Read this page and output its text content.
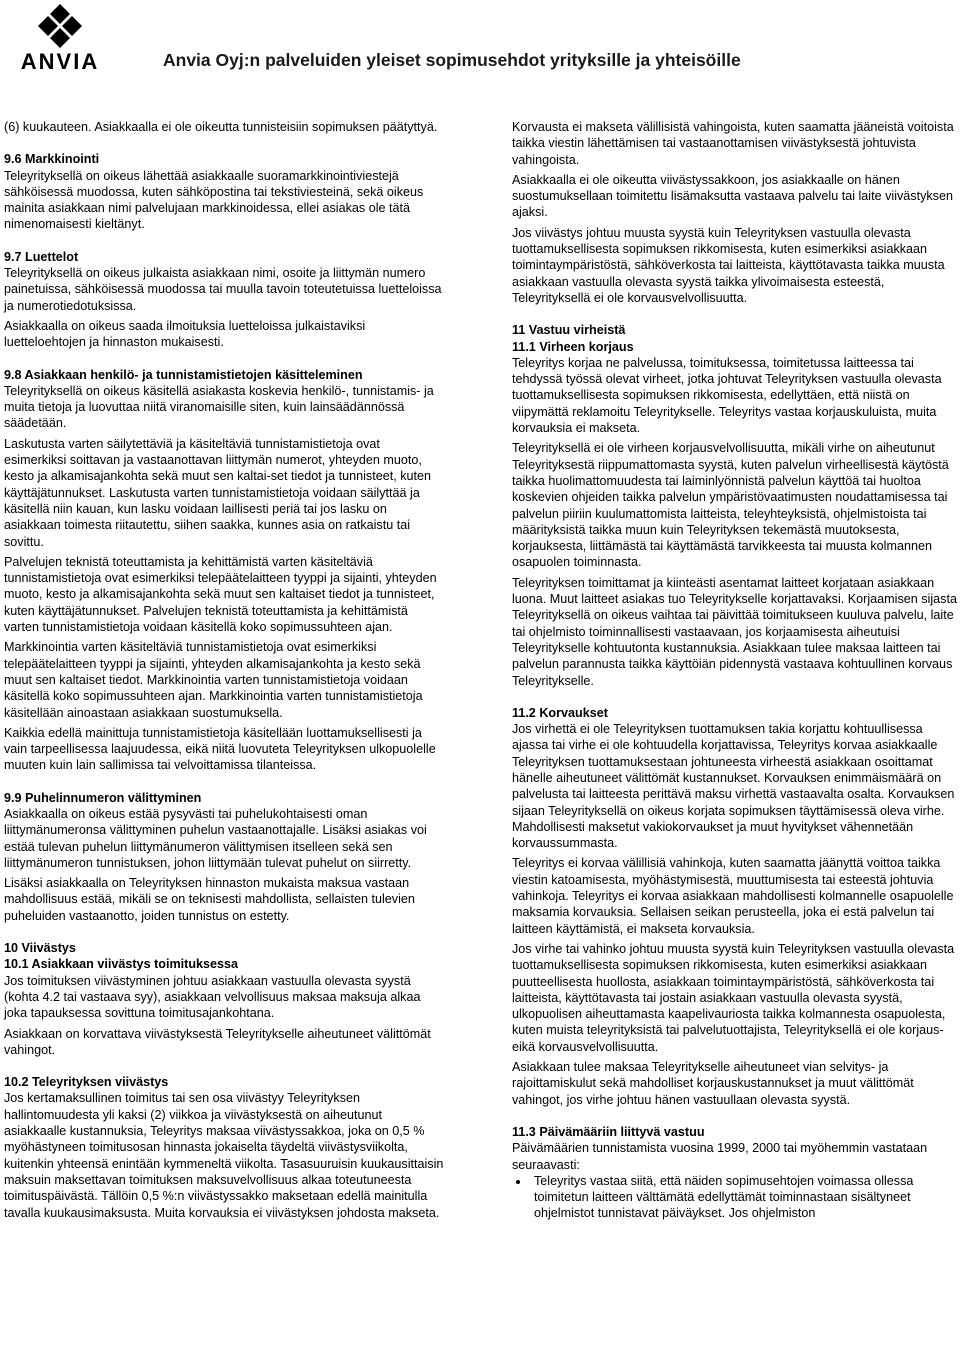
ANVIA	Anvia Oyj:n palveluiden yleiset sopimusehdot yrityksille ja yhteisöille

(6) kuukauteen. Asiakkaalla ei ole oikeutta tunnisteisiin sopimuksen päätyttyä.

9.6 Markkinointi

Teleyrityksellä on oikeus lähettää asiakkaalle suoramarkkinointiviestejä sähköisessä muodossa, kuten sähköpostina tai tekstiviesteinä, sekä oikeus mainita asiakkaan nimi palvelujaan markkinoidessa, ellei asiakas ole tätä nimenomaisesti kieltänyt.

9.7 Luettelot

Teleyrityksellä on oikeus julkaista asiakkaan nimi, osoite ja liittymän numero painetuissa, sähköisessä muodossa tai muulla tavoin toteutetuissa luetteloissa ja numerotiedotuksissa.

Asiakkaalla on oikeus saada ilmoituksia luetteloissa julkaistaviksi luetteloehtojen ja hinnaston mukaisesti.

9.8 Asiakkaan henkilö- ja tunnistamistietojen käsitteleminen

Teleyrityksellä on oikeus käsitellä asiakasta koskevia henkilö-, tunnistamis- ja muita tietoja ja luovuttaa niitä viranomaisille siten, kuin lainsäädännössä säädetään.

Laskutusta varten säilytettäviä ja käsiteltäviä tunnistamistietoja ovat esimerkiksi soittavan ja vastaanottavan liittymän numerot, yhteyden muoto, kesto ja alkamisajankohta sekä muut sen kaltai-set tiedot ja tunnisteet, kuten käyttäjätunnukset. Laskutusta varten tunnistamistietoja voidaan säilyttää ja käsitellä niin kauan, kun lasku voidaan laillisesti periä tai jos lasku on asiakkaan toimesta riitautettu, siihen saakka, kunnes asia on ratkaistu tai sovittu.

Palvelujen teknistä toteuttamista ja kehittämistä varten käsiteltäviä tunnistamistietoja ovat esimerkiksi telepäätelaitteen tyyppi ja sijainti, yhteyden muoto, kesto ja alkamisajankohta sekä muut sen kaltaiset tiedot ja tunnisteet, kuten käyttäjätunnukset. Palvelujen teknistä toteuttamista ja kehittämistä varten tunnistamistietoja voidaan käsitellä koko sopimussuhteen ajan.

Markkinointia varten käsiteltäviä tunnistamistietoja ovat esimerkiksi telepäätelaitteen tyyppi ja sijainti, yhteyden alkamisajankohta ja kesto sekä muut sen kaltaiset tiedot. Markkinointia varten tunnistamistietoja voidaan käsitellä koko sopimussuhteen ajan. Markkinointia varten tunnistamistietoja käsitellään ainoastaan asiakkaan suostumuksella.

Kaikkia edellä mainittuja tunnistamistietoja käsitellään luottamuksellisesti ja vain tarpeellisessa laajuudessa, eikä niitä luovuteta Teleyrityksen ulkopuolelle muuten kuin lain sallimissa tai velvoittamissa tilanteissa.

9.9 Puhelinnumeron välittyminen

Asiakkaalla on oikeus estää pysyvästi tai puhelukohtaisesti oman liittymänumeronsa välittyminen puhelun vastaanottajalle. Lisäksi asiakas voi estää tulevan puhelun liittymänumeron välittymisen itselleen sekä sen liittymänumeron tunnistuksen, johon liittymään tulevat puhelut on siirretty.

Lisäksi asiakkaalla on Teleyrityksen hinnaston mukaista maksua vastaan mahdollisuus estää, mikäli se on teknisesti mahdollista, sellaisten tulevien puheluiden vastaanotto, joiden tunnistus on estetty.

10 Viivästys

10.1 Asiakkaan viivästys toimituksessa

Jos toimituksen viivästyminen johtuu asiakkaan vastuulla olevasta syystä (kohta 4.2 tai vastaava syy), asiakkaan velvollisuus maksaa maksuja alkaa joka tapauksessa sovittuna toimitusajankohtana.

Asiakkaan on korvattava viivästyksestä Teleyritykselle aiheutuneet välittömät vahingot.

10.2 Teleyrityksen viivästys

Jos kertamaksullinen toimitus tai sen osa viivästyy Teleyrityksen hallintomuudesta yli kaksi (2) viikkoa ja viivästyksestä on aiheutunut asiakkaalle kustannuksia, Teleyritys maksaa viivästyssakkoa, joka on 0,5 % myöhästyneen toimitusosan hinnasta jokaiselta täydeltä viivästysviikolta, kuitenkin yhteensä enintään kymmeneltä viikolta. Tasasuuruisin kuukausittaisin maksuin maksettavan toimituksen maksuvelvollisuus alkaa toteutuneesta toimituspäivästä. Tällöin 0,5 %:n viivästyssakko maksetaan edellä mainitulla tavalla kuukausimaksusta. Muita korvauksia ei viivästyksen johdosta makseta.

Korvausta ei makseta välillisistä vahingoista, kuten saamatta jääneistä voitoista taikka viestin lähettämisen tai vastaanottamisen viivästyksestä johtuvista vahingoista.

Asiakkaalla ei ole oikeutta viivästyssakkoon, jos asiakkaalle on hänen suostumuksellaan toimitettu lisämaksutta vastaava palvelu tai laite viivästyksen ajaksi.

Jos viivästys johtuu muusta syystä kuin Teleyrityksen vastuulla olevasta tuottamuksellisesta sopimuksen rikkomisesta, kuten esimerkiksi asiakkaan toimintaympäristöstä, sähköverkosta tai laitteista, käyttötavasta taikka muusta asiakkaan vastuulla olevasta syystä taikka ylivoimaisesta esteestä, Teleyrityksellä ei ole korvausvelvollisuutta.

11 Vastuu virheistä

11.1 Virheen korjaus

Teleyritys korjaa ne palvelussa, toimituksessa, toimitetussa laitteessa tai tehdyssä työssä olevat virheet, jotka johtuvat Teleyrityksen vastuulla olevasta tuottamuksellisesta sopimuksen rikkomisesta, edellyttäen, että niistä on viipymättä reklamoitu Teleyritykselle. Teleyritys vastaa korjauskuluista, muita korvauksia ei makseta.

Teleyrityksellä ei ole virheen korjausvelvollisuutta, mikäli virhe on aiheutunut Teleyrityksestä riippumattomasta syystä, kuten palvelun virheellisestä käytöstä taikka huolimattomuudesta tai laiminlyönnistä palvelun käyttöä tai huoltoa koskevien ohjeiden taikka palvelun ympäristövaatimusten noudattamisessa tai palvelun piiriin kuulumattomista laitteista, teleyhteyksistä, ohjelmistoista tai määrityksistä taikka muun kuin Teleyrityksen tekemästä muutoksesta, korjauksesta, liittämästä tai käyttämästä tarvikkeesta tai muusta kolmannen osapuolen toiminnasta.

Teleyrityksen toimittamat ja kiinteästi asentamat laitteet korjataan asiakkaan luona. Muut laitteet asiakas tuo Teleyritykselle korjattavaksi. Korjaamisen sijasta Teleyrityksellä on oikeus vaihtaa tai päivittää toimitukseen kuuluva palvelu, laite tai ohjelmisto toiminnallisesti vastaavaan, jos korjaamisesta aiheutuisi Teleyritykselle kohtuutonta kustannuksia. Asiakkaan tulee maksaa laitteen tai palvelun parannusta taikka käyttöiän pidennystä vastaava kohtuullinen korvaus Teleyritykselle.

11.2 Korvaukset

Jos virhettä ei ole Teleyrityksen tuottamuksen takia korjattu kohtuullisessa ajassa tai virhe ei ole kohtuudella korjattavissa, Teleyritys korvaa asiakkaalle Teleyrityksen tuottamuksestaan johtuneesta virheestä asiakkaan osoittamat hänelle aiheutuneet välittömät kustannukset. Korvauksen enimmäismäärä on palvelusta tai laitteesta perittävä maksu virhettä vastaavalta osalta. Korvauksen sijaan Teleyrityksellä on oikeus korjata sopimuksen täyttämisessä oleva virhe. Mahdollisesti maksetut vakiokorvaukset ja muut hyvitykset vähennetään korvaussummasta.

Teleyritys ei korvaa välillisiä vahinkoja, kuten saamatta jäänyttä voittoa taikka viestin katoamisesta, myöhästymisestä, muuttumisesta tai esteestä johtuvia vahinkoja. Teleyritys ei korvaa asiakkaan mahdollisesti kolmannelle osapuolelle maksamia korvauksia. Sellaisen seikan perusteella, joka ei estä palvelun tai laitteen käyttämistä, ei makseta korvauksia.

Jos virhe tai vahinko johtuu muusta syystä kuin Teleyrityksen vastuulla olevasta tuottamuksellisesta sopimuksen rikkomisesta, kuten esimerkiksi asiakkaan puutteellisesta huollosta, asiakkaan toimintaympäristöstä, sähköverkosta tai laitteista, käyttötavasta tai jostain asiakkaan vastuulla olevasta syystä, ulkopuolisen aiheuttamasta kaapelivauriosta taikka kolmannesta osapuolesta, kuten muista teleyrityksistä tai palvelutuottajista, Teleyrityksellä ei ole korjaus- eikä korvausvelvollisuutta.

Asiakkaan tulee maksaa Teleyritykselle aiheutuneet vian selvitys- ja rajoittamiskulut sekä mahdolliset korjauskustannukset ja muut välittömät vahingot, jos virhe johtuu hänen vastuullaan olevasta syystä.

11.3 Päivämääriin liittyvä vastuu

Päivämäärien tunnistamista vuosina 1999, 2000 tai myöhemmin vastataan seuraavasti:

• Teleyritys vastaa siitä, että näiden sopimusehtojen voimassa ollessa toimitetun laitteen välttämätä edellyttämät toiminnastaan sisältyneet ohjelmistot tunnistavat päiväykset. Jos ohjelmiston
